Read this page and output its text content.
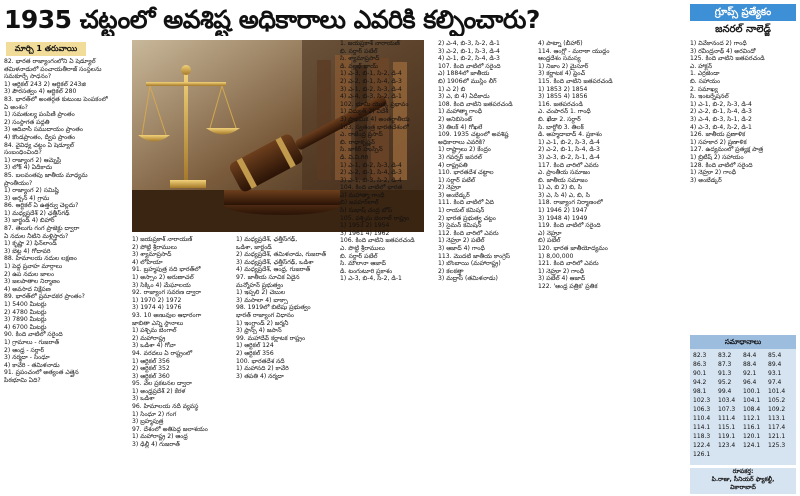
1935 చట్టంలో అవశిష్ట అధికారాలు ఎవరికి కల్పించారు?	గ్రూప్స్ ప్రత్యేకం
జనరల్ నాలెడ్జ్
మార్చి 1 తరువాయి
82. భారత రాజ్యాంగంలోని ఏ షెడ్యూల్
తమిళనాడులో పంచాయతీరాజ్ సంస్థలను
సమకూర్చే సాధనం?
1) ఆర్టికల్ 243 2) ఆర్టికల్ 243జి
3) పౌరసత్వం 4) ఆర్టికల్ 280
83. భారత్‌లో అంతర్గత కుటుంబ పెంపకంలో
ఏ అంశం?
1) సమతుల్య పంపిణీ ప్రాంతం
2) సంస్థాగత పద్ధతి
3) ఆదివాసీ సముదాయం ప్రాంతం
4) కొండప్రాంతం, ద్వీప ప్రాంతం
84. వైవిధ్య చట్టం ఏ షెడ్యూల్
సంబంధించింది?
1) రాజ్యాంగ 2) ఆమ్నెస్టీ
3) లోక్ 4) ఏదీకాదు
85. బలవంతపు జాతీయ మాధ్యమ
ప్రాంతీయం?
1) రాజ్యాంగ 2) సమిష్టి
3) అర్బన్ 4) గ్రామ
86. ఆర్టికల్ ఏ ఉత్తర్వు చెల్లదు?
1) మధ్యప్రదేశ్ 2) ఛత్తీస్‌గఢ్
3) జార్ఖండ్ 4) బిహార్
87. తెలుగు గంగ ప్రాజెక్టు ద్వారా
ఏ నదుల నీటిని మళ్లిస్తారు?
1) కృష్ణా 2) ఫిన్‌లాండ్
3) బెట్ట 4) గోదావరి
88. హిమాలయ నదుల లక్షణం
1) పెద్ద ప్రవాహ మార్గాలు
2) ఉప నదుల జాలం
3) జలపాతాల నిర్మాణం
4) అవసాద నిక్షేపణ
89. భారత్‌లో ప్రమాదకర ప్రాంతం?
1) 5400 మీటర్లు
2) 4780 మీటర్లు
3) 7890 మీటర్లు
4) 6700 మీటర్లు
90. కింది వాటిలో సరైంది
1) గ్రామాలు - గుజరాత్
2) ఆంధ్ర - సర్దార్
3) నర్మదా - సింధూ
4) కావేరి - తమిళనాడు
91. ప్రపంచంలో అత్యంత ఎత్తైన
పీఠభూమి ఏది?
1) జయప్రకాశ్ నారాయణ్
2) పోట్టి శ్రీరాములు
3) శ్యామాప్రసాద్
4) లోహియా
91. బ్రహ్మపుత్ర నది భారత్‌లో
1) అస్సాం 2) అరుణాచల్
3) సిక్కిం 4) మేఘాలయ
92. రాజ్యాంగ సవరణ ద్వారా
1) 1970 2) 1972
3) 1974 4) 1976
93. 10 అణువుల ఆధారంగా
జాబితా ఎన్ని స్థానాలు
1) పశ్చిమ బెంగాల్
2) మహారాష్ట్ర
3) ఒడిశా 4) గోవా
94. వరదలు ఏ రాష్ట్రంలో
1) ఆర్టికల్ 356
2) ఆర్టికల్ 352
3) ఆర్టికల్ 360
95. వేల ప్రకటనల ద్వారా
1) అంధ్రప్రదేశ్ 2) కేరళ
3) ఒడిశా
96. హిమాలయ నదీ వ్యవస్థ
1) సింధూ 2) గంగ
3) బ్రహ్మపుత్ర
97. దేశంలో అతిపెద్ద జలాశయం
1) మహారాష్ట్ర 2) ఆంధ్ర
3) ఢిల్లీ 4) గుజరాత్
1) మధ్యప్రదేశ్, ఛత్తీస్‌గఢ్,
ఒడిశా, జార్ఖండ్
2) మధ్యప్రదేశ్, తమిళనాడు, గుజరాత్
3) మధ్యప్రదేశ్, ఛత్తీస్‌గఢ్, ఒడిశా
4) మధ్యప్రదేశ్, ఆంధ్ర, గుజరాత్
97. జాతీయ సూచిక ఏదైన
మన్మోహన్ ప్రభుత్వం
1) ఇప్పలి 2) చెబుల
3) మసాలా 4) బాక్సా
98. 1919లో బిటిషు ప్రభుత్వం
భారత్ రాజ్యాంగ విధానం
1) ఇంగ్లాండ్ 2) జర్మనీ
3) ఫ్రాన్స్ 4) జపాన్
99. మహాదేవ్ కర్ణాటక రాష్ట్రం
1) ఆర్టికల్ 124
2) ఆర్టికల్ 356
100. భారతదేశ నదీ
1) మహానది 2) కావేరి
3) తపతి 4) నర్మదా
1. జయప్రకాశ్ నారాయణ్
బి. సర్దార్ పటేల్
సి. శ్యామాప్రసాద్
డి. వల్లభ్ భాయ్
1) ఎ-3, బి-1, సి-2, డి-4
2) ఎ-2, బి-1, సి-4, డి-3
3) ఎ-1, బి-2, సి-3, డి-4
4) ఎ-4, బి-3, సి-2, డి-1
102. భూమి యొక్క ప్రభావం
1) విద్యుత్ 2) విదేశీ
3) ప్రాథమిక 4) అంతర్జాతీయ
103. స్వతంత్ర భారతదేశంలో
ఎ. రాజేంద్ర ప్రసాద్
బి. రాధాకృష్ణన్
సి. జాకిర్ హుస్సేన్
డి. వి.వి.గిరి
1) ఎ-1, బి-2, సి-3, డి-4
2) ఎ-2, బి-1, సి-4, డి-3
3) ఎ-1, బి-3, సి-2, డి-4
104. కింది వాటిలో భారత
ఎ) మహాత్మా గాంధీ
బి) జవహర్‌లాల్
సి) సుభాష్ చంద్ర బోస్
105. పశ్చిమ బెంగాల్ రాష్ట్రం
1) 1953 2) 1954
3) 1961 4) 1962
106. కింది వాటిని జతపరచండి
ఎ. పొట్టి శ్రీరాములు
బి. సర్దార్ పటేల్
సి. మౌలానా ఆజాద్
డి. టంగుటూరి ప్రకాశం
1) ఎ-3, బి-4, సి-2, డి-1
2) ఎ-4, బి-3, సి-2, డి-1
3) ఎ-2, బి-1, సి-3, డి-4
4) ఎ-1, బి-2, సి-4, డి-3
107. కింది వాటిలో సరైంది
ఎ) 1884లో జాతీయ
బి) 1906లో ముస్లిం లీగ్
1) ఎ 2) బి
3) ఎ, బి 4) ఏదీకాదు
108. కింది వాటిని జతపరచండి
1) మహాత్మా గాంధీ
2) అనిబిసెంట్
3) తిలక్ 4) గోఖలే
109. 1935 చట్టంలో అవశిష్ట
అధికారాలు ఎవరికి?
1) రాష్ట్రాలు 2) కేంద్రం
3) గవర్నర్ జనరల్
4) రాష్ట్రపతి
110. భారతదేశ చట్టాల
1) సర్దార్ పటేల్
2) నెహ్రూ
3) అంబేడ్కర్
111. కింది వాటిలో ఏది
1) రాయల్ కమిషన్
2) భారత ప్రభుత్వ చట్టం
3) సైమన్ కమిషన్
112. కింది వారిలో ఎవరు
1) నెహ్రూ 2) పటేల్
3) ఆజాద్ 4) గాంధీ
113. మొదటి జాతీయ కాంగ్రెస్
1) బొంబాయి (మహారాష్ట్ర)
2) కలకత్తా
3) మద్రాస్ (తమిళనాడు)
4) పాట్నా (బీహార్)
114. ఆంగ్లో - మరాఠా యుద్ధం
ఆంధ్రదేశం సమస్య
1) నిజాం 2) మైసూర్
3) కర్ణాటక 4) ఫ్రెంచ్
115. కింది వాటిని జతపరచండి
1) 1853 2) 1854
3) 1855 4) 1856
116. జతపరచండి
ఎ. చంపారన్ 1. గాంధీ
బి. ఖేడా 2. సర్దార్
సి. బార్డోలి 3. తిలక్
డి. అహ్మదాబాద్ 4. ప్రకాశం
1) ఎ-1, బి-2, సి-3, డి-4
2) ఎ-2, బి-1, సి-4, డి-3
3) ఎ-3, బి-2, సి-1, డి-4
117. కింది వారిలో ఎవరు
ఎ. ప్రాంతీయ సమాజం
బి. జాతీయ సమాజం
1) ఎ, బి 2) బి, సి
3) ఎ, సి 4) ఎ, బి, సి
118. రాజ్యాంగ నిర్మాణంలో
1) 1946 2) 1947
3) 1948 4) 1949
119. కింది వాటిలో సరైంది
ఎ) నెహ్రూ
బి) పటేల్
120. భారత జాతీయోద్యమం
1) 8,00,000
121. కింది వారిలో ఎవరు
1) నెహ్రూ 2) గాంధీ
3) పటేల్ 4) ఆజాద్
122. 'ఆంధ్ర పత్రిక' ప్రతిక
1) వివేకానంద 2) గాంధీ
3) రవీంద్రనాథ్ 4) అరవిందో
125. కింది వాటిని జతపరచండి
ఎ. హాక్టన్
1. ఎర్రజెండా
బి. సహాయం
2. సమాఖ్య
సి. ఇంటర్నేషనల్
1) ఎ-1, బి-2, సి-3, డి-4
2) ఎ-2, బి-1, సి-4, డి-3
3) ఎ-4, బి-3, సి-1, డి-2
4) ఎ-3, బి-4, సి-2, డి-1
126. జాతీయ ప్రణాళిక
1) సహకార 2) ప్రణాళిక
127. ఉద్యమంలో ప్రత్యక్ష పాత్ర
1) బ్రిటీష్ 2) సహాయం
128. కింది వాటిలో సరైంది
1) నెహ్రూ 2) గాంధీ
3) అంబేడ్కర్
సమాధానాలు
82.3	83.2	84.4	85.4
86.3	87.3	88.4	89.4
90.1	91.3	92.1	93.1
94.2	95.2	96.4	97.4
98.1	99.4	100.1	101.4
102.3	103.4	104.1	105.2
106.3	107.3	108.4	109.2
110.4	111.4	112.1	113.1
114.1	115.1	116.1	117.4
118.3	119.1	120.1	121.1
122.4	123.4	124.1	125.3
126.1
రూపకర్త:
పి.రాజు, సీనియర్ ఫ్యాకల్టీ,
వికారాబాద్
